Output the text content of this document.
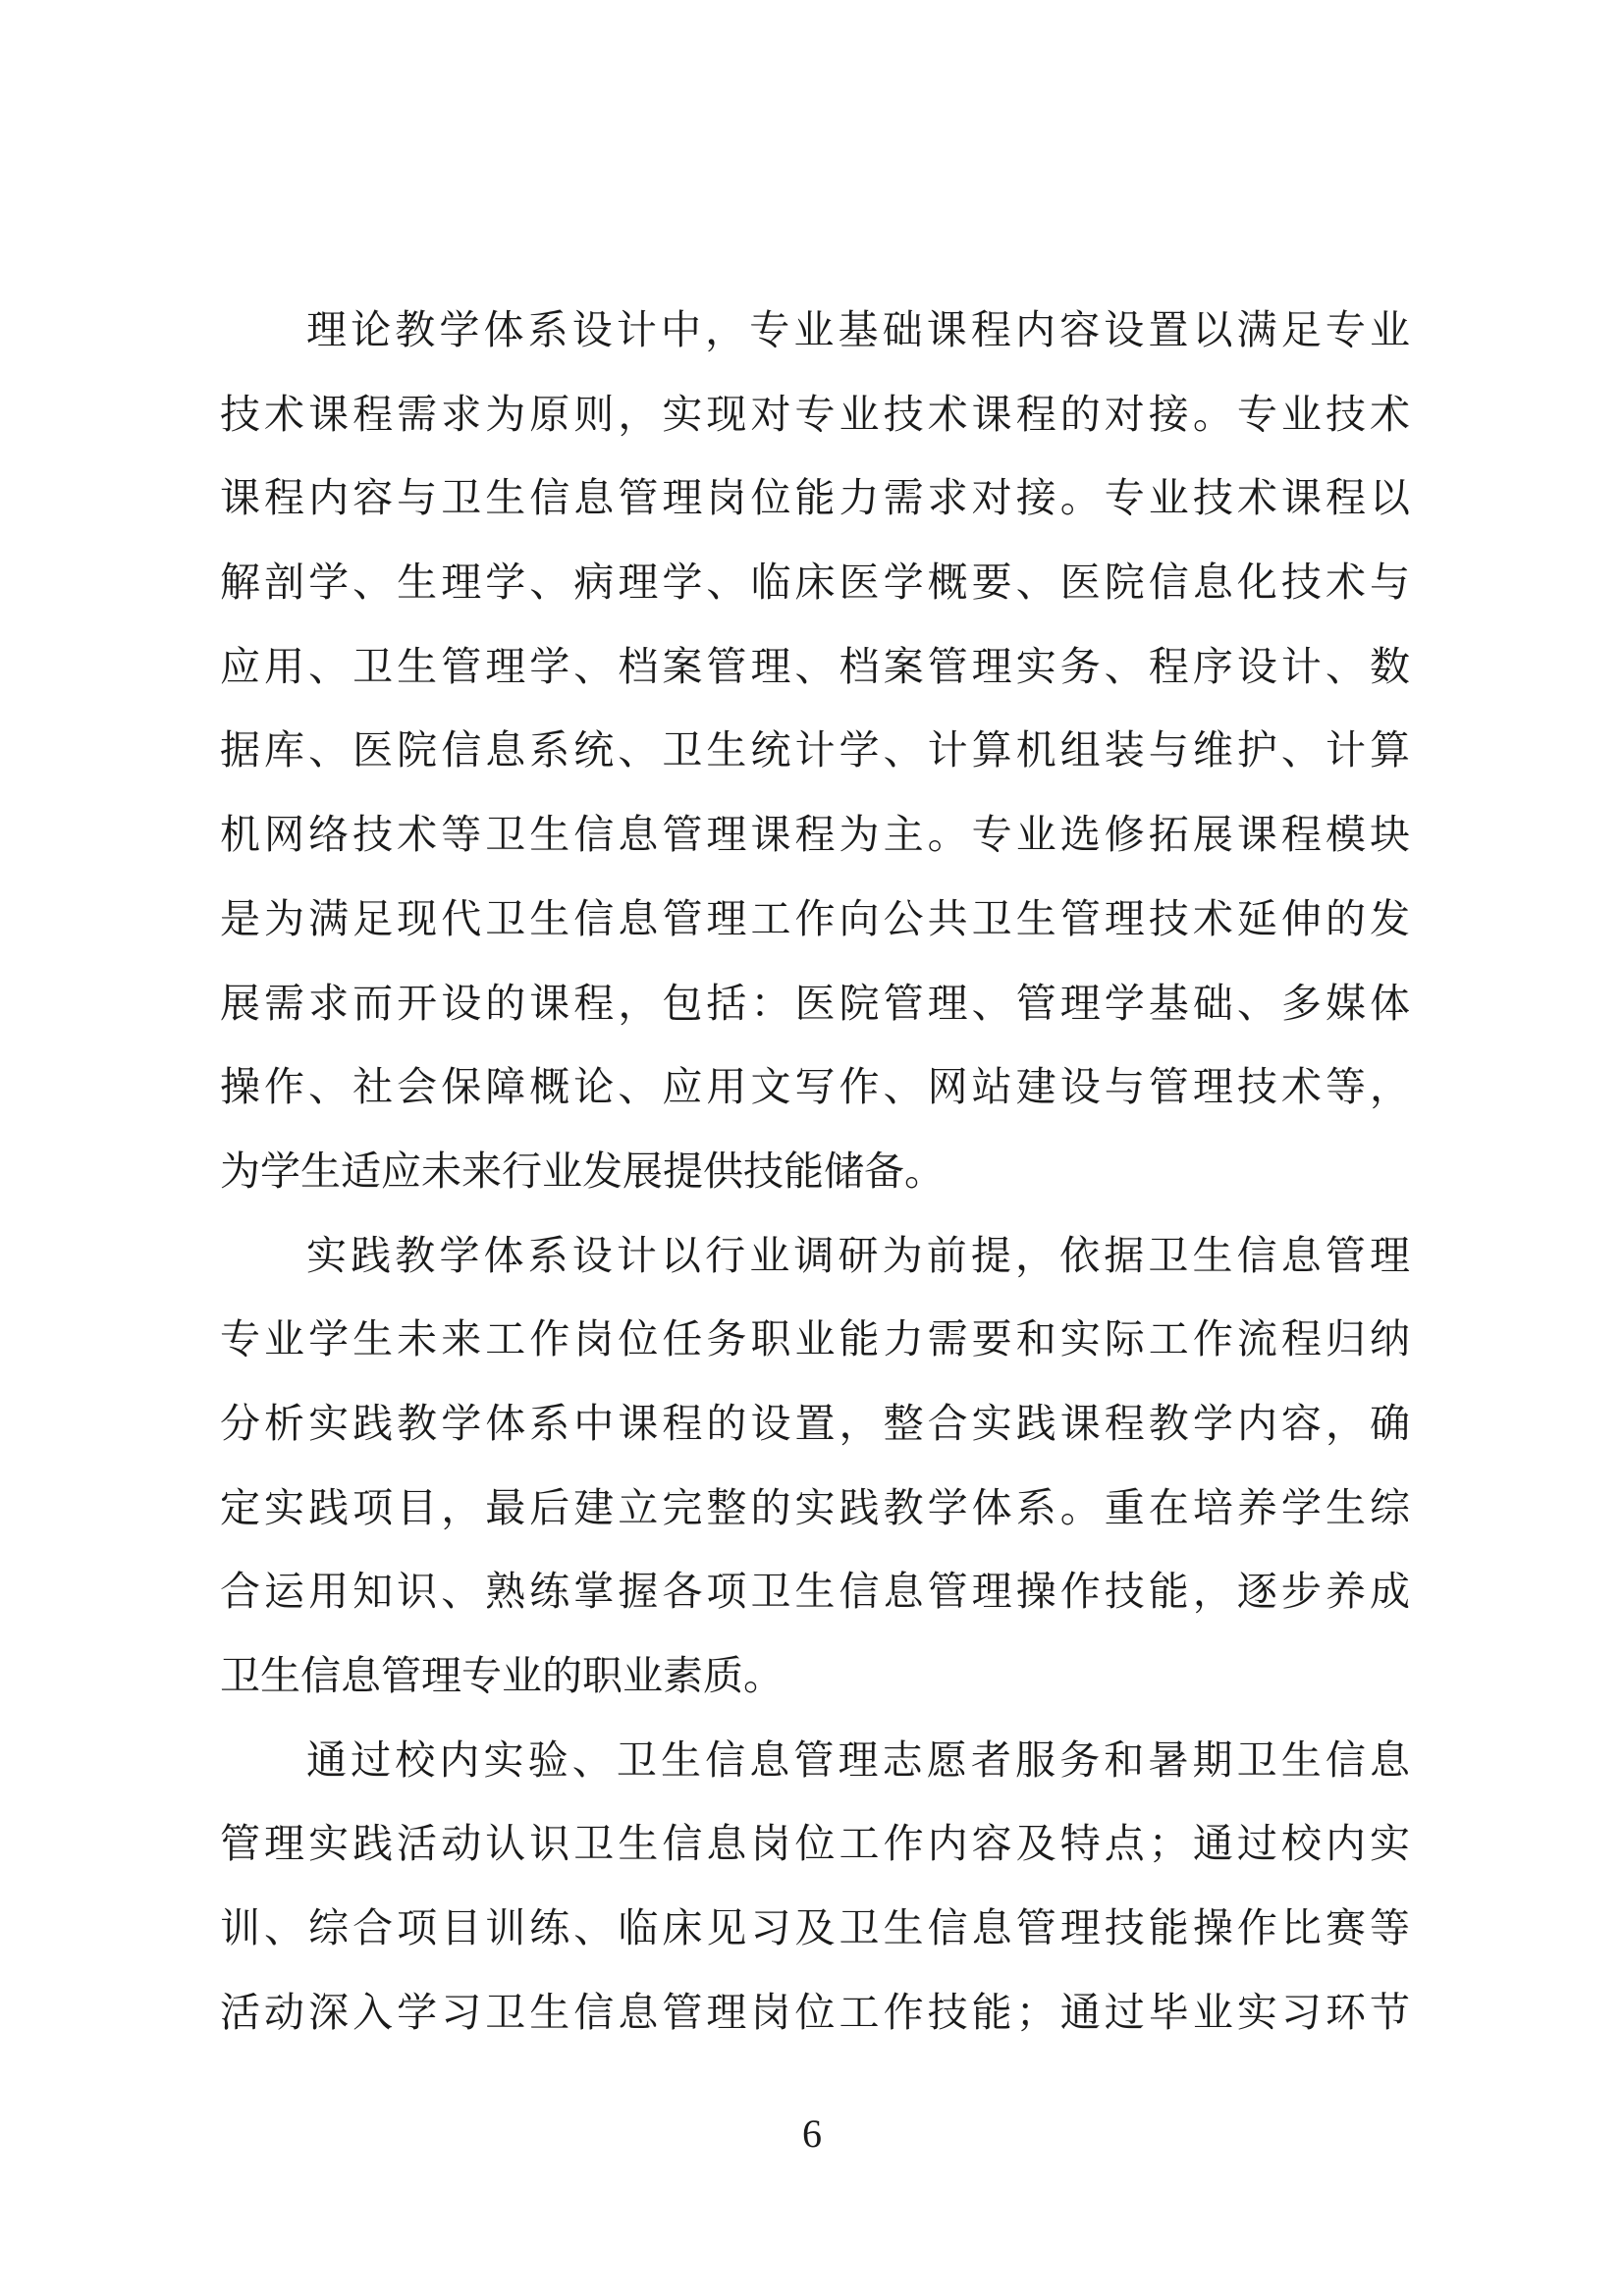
理论教学体系设计中，专业基础课程内容设置以满足专业
技术课程需求为原则，实现对专业技术课程的对接。专业技术
课程内容与卫生信息管理岗位能力需求对接。专业技术课程以
解剖学、生理学、病理学、临床医学概要、医院信息化技术与
应用、卫生管理学、档案管理、档案管理实务、程序设计、数
据库、医院信息系统、卫生统计学、计算机组装与维护、计算
机网络技术等卫生信息管理课程为主。专业选修拓展课程模块
是为满足现代卫生信息管理工作向公共卫生管理技术延伸的发
展需求而开设的课程，包括：医院管理、管理学基础、多媒体
操作、社会保障概论、应用文写作、网站建设与管理技术等，
为学生适应未来行业发展提供技能储备。
实践教学体系设计以行业调研为前提，依据卫生信息管理
专业学生未来工作岗位任务职业能力需要和实际工作流程归纳
分析实践教学体系中课程的设置，整合实践课程教学内容，确
定实践项目，最后建立完整的实践教学体系。重在培养学生综
合运用知识、熟练掌握各项卫生信息管理操作技能，逐步养成
卫生信息管理专业的职业素质。
通过校内实验、卫生信息管理志愿者服务和暑期卫生信息
管理实践活动认识卫生信息岗位工作内容及特点；通过校内实
训、综合项目训练、临床见习及卫生信息管理技能操作比赛等
活动深入学习卫生信息管理岗位工作技能；通过毕业实习环节
6
